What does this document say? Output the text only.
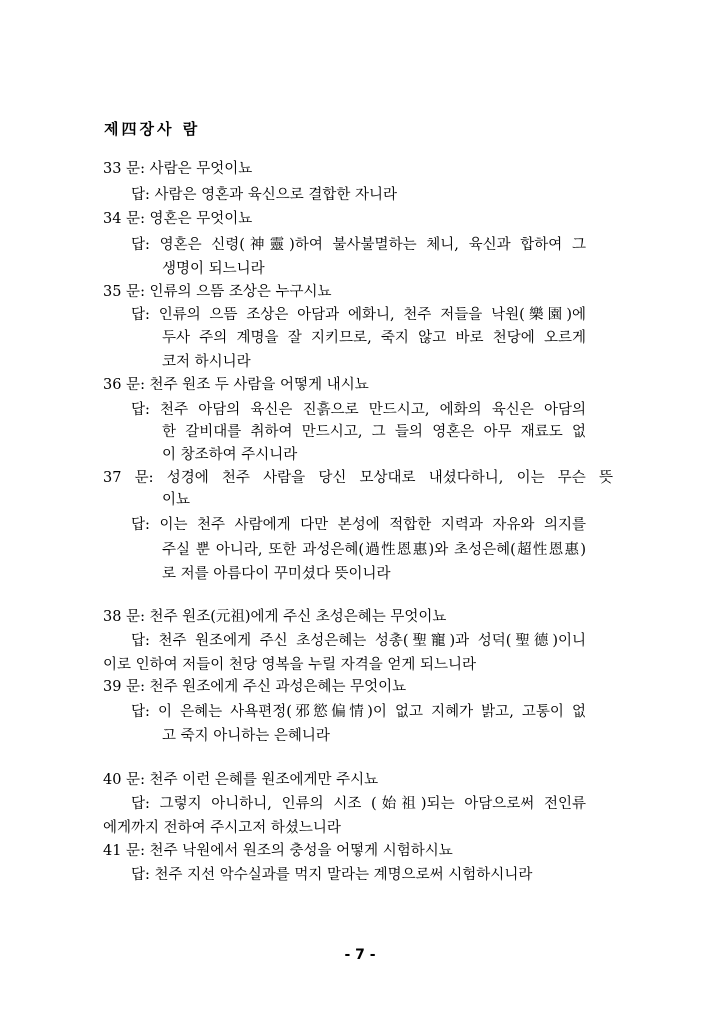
제四장사 람
33 문: 사람은 무엇이뇨
답: 사람은 영혼과 육신으로 결합한 자니라
34 문: 영혼은 무엇이뇨
답: 영혼은 신령(神靈)하여 불사불멸하는 체니, 육신과 합하여 그
생명이 되느니라
35 문: 인류의 으뜸 조상은 누구시뇨
답: 인류의 으뜸 조상은 아담과 에화니, 천주 저들을 낙원(樂園)에
두사 주의 계명을 잘 지키므로, 죽지 않고 바로 천당에 오르게
코저 하시니라
36 문: 천주 원조 두 사람을 어떻게 내시뇨
답: 천주 아담의 육신은 진흙으로 만드시고, 에화의 육신은 아담의
한 갈비대를 취하여 만드시고, 그 들의 영혼은 아무 재료도 없
이 창조하여 주시니라
37 문: 성경에 천주 사람을 당신 모상대로 내셨다하니, 이는 무슨 뜻
이뇨
답: 이는 천주 사람에게 다만 본성에 적합한 지력과 자유와 의지를
주실 뿐 아니라, 또한 과성은혜(過性恩惠)와 초성은혜(超性恩惠)
로 저를 아름다이 꾸미셨다 뜻이니라
38 문: 천주 원조(元祖)에게 주신 초성은혜는 무엇이뇨
답: 천주 원조에게 주신 초성은혜는 성총(聖寵)과 성덕(聖德)이니
이로 인하여 저들이 천당 영복을 누릴 자격을 얻게 되느니라
39 문: 천주 원조에게 주신 과성은혜는 무엇이뇨
답: 이 은혜는 사욕편정(邪慾偏情)이 없고 지혜가 밝고, 고통이 없
고 죽지 아니하는 은혜니라
40 문: 천주 이런 은혜를 원조에게만 주시뇨
답: 그렇지 아니하니, 인류의 시조 (始祖)되는 아담으로써 전인류
에게까지 전하여 주시고저 하셨느니라
41 문: 천주 낙원에서 원조의 충성을 어떻게 시험하시뇨
답: 천주 지선 악수실과를 먹지 말라는 계명으로써 시험하시니라
- 7 -
